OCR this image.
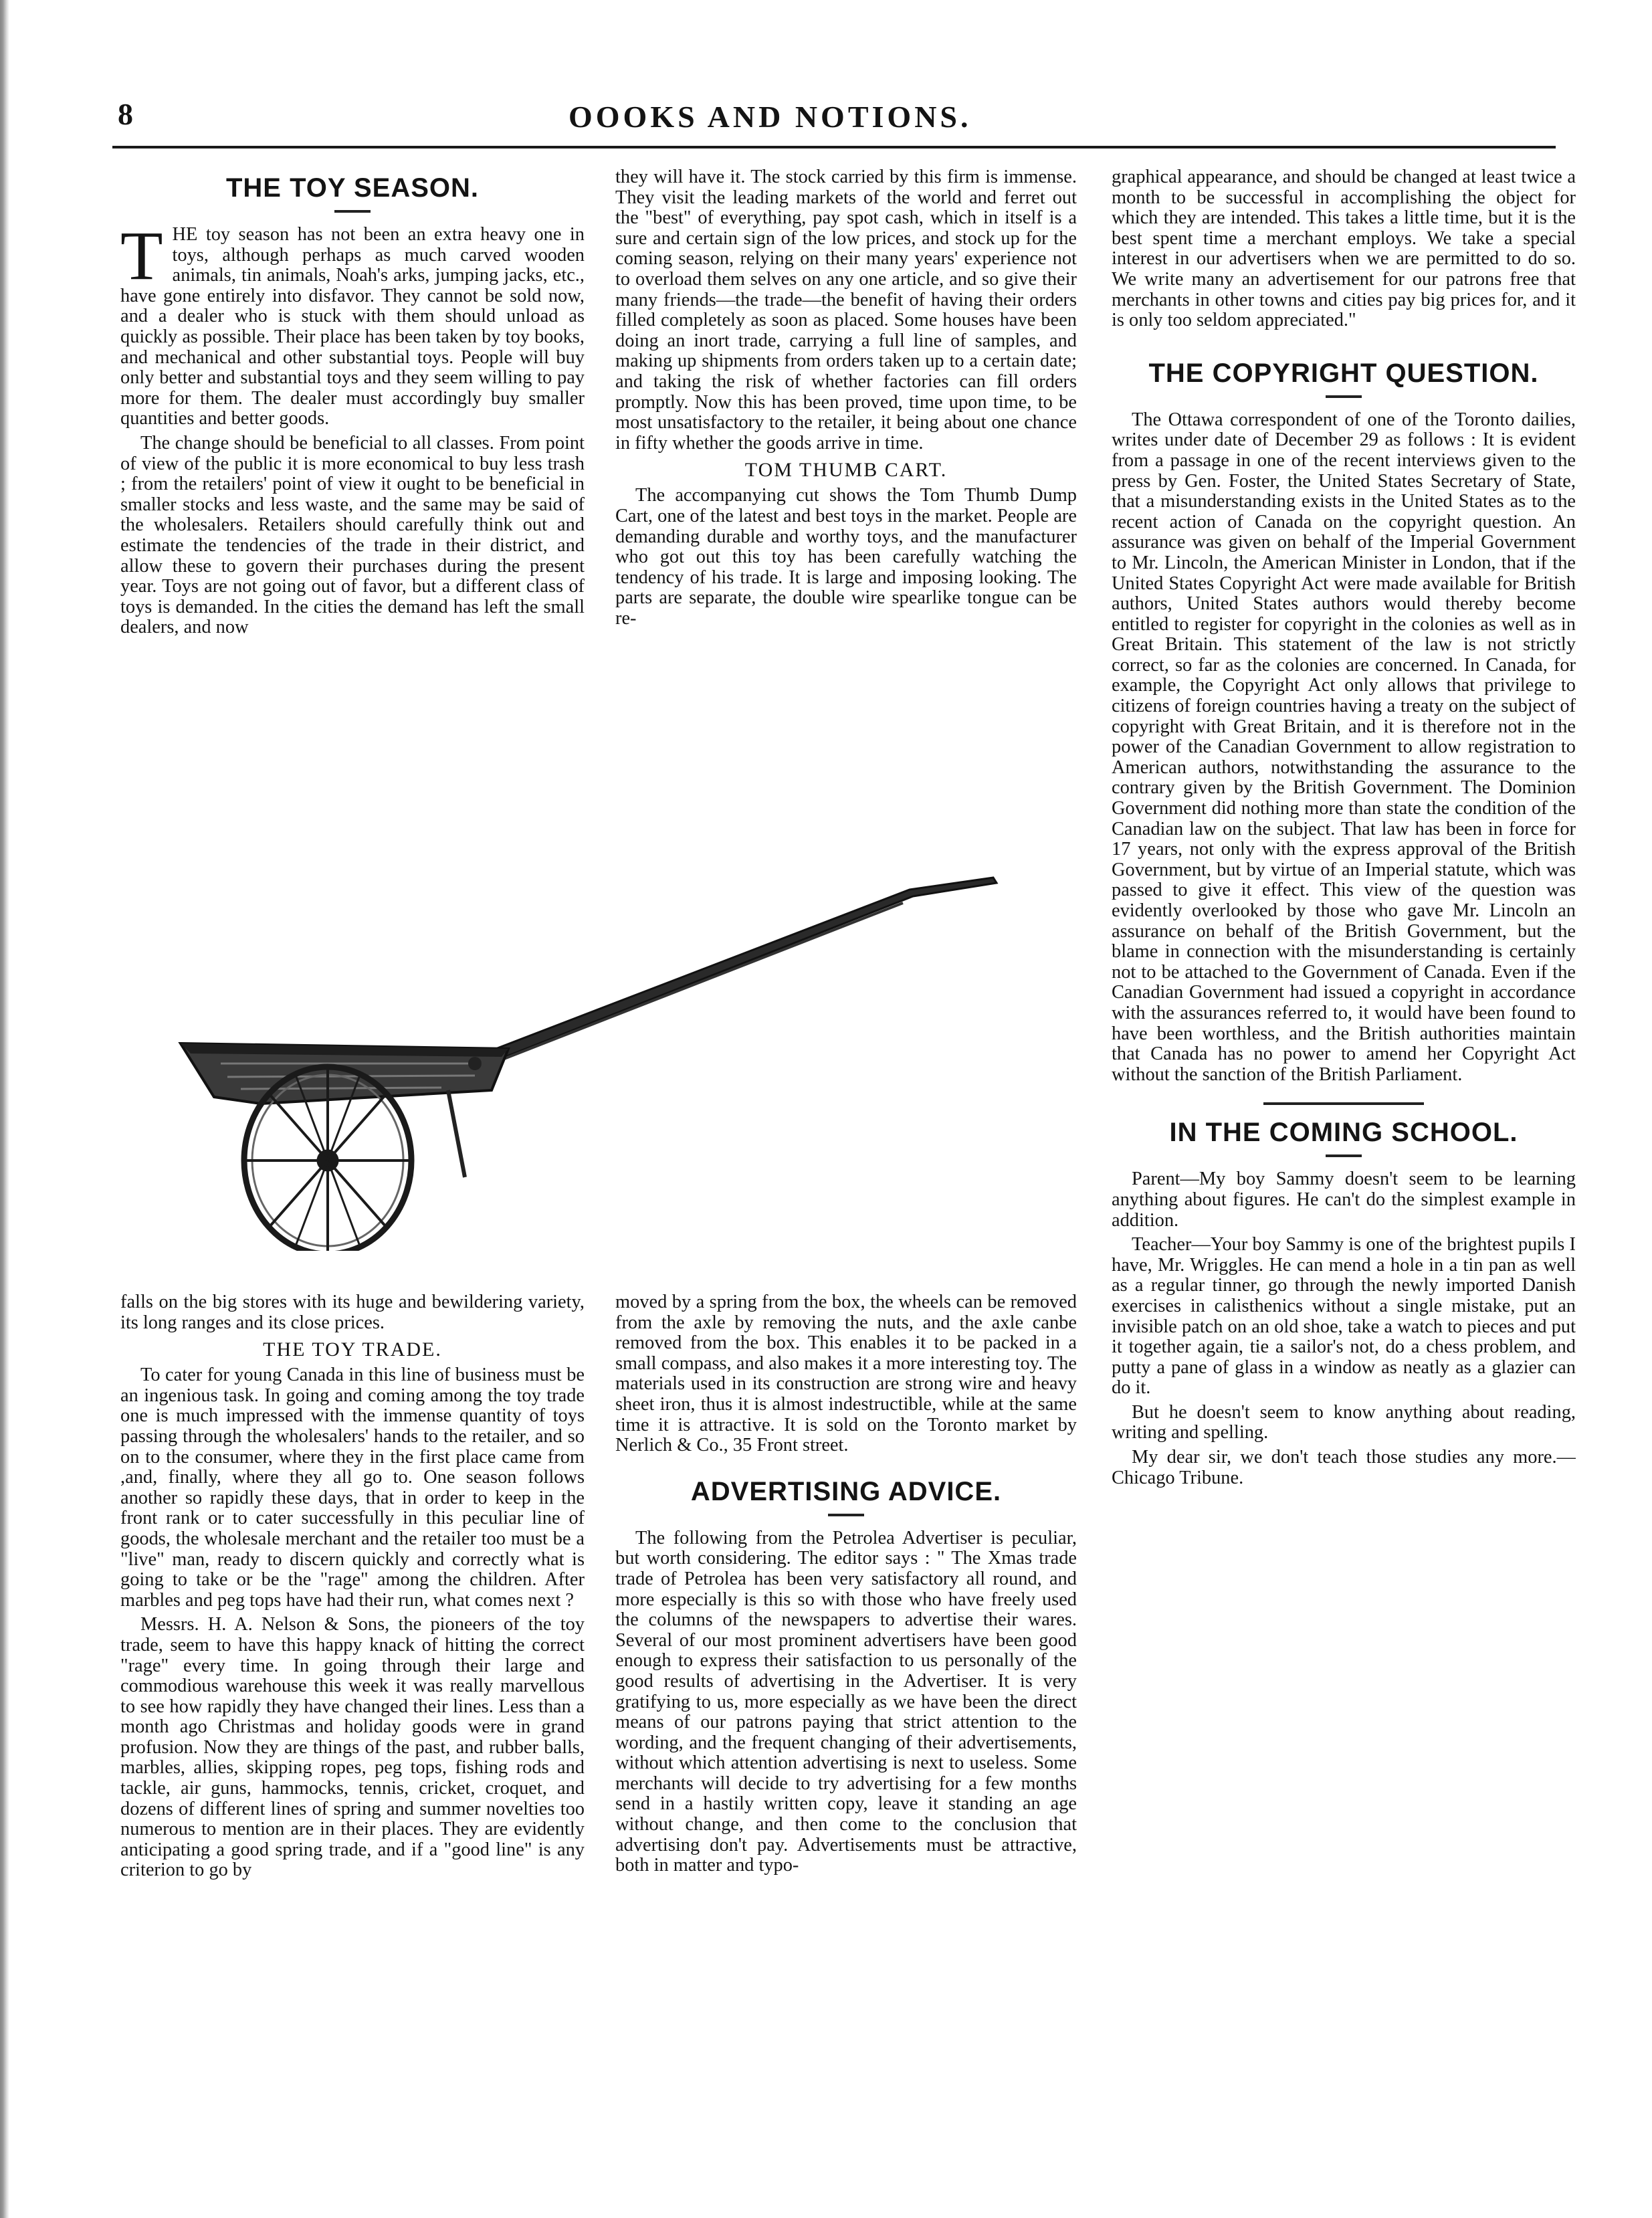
8	OOOKS AND NOTIONS.
THE TOY SEASON.

THE toy season has not been an extra heavy one in toys, although perhaps as much carved wooden animals, tin animals, Noah's arks, jumping jacks, etc., have gone entirely into disfavor. They cannot be sold now, and a dealer who is stuck with them should unload as quickly as possible. Their place has been taken by toy books, and mechanical and other substantial toys. People will buy only better and substantial toys and they seem willing to pay more for them. The dealer must accordingly buy smaller quantities and better goods.

The change should be beneficial to all classes. From point of view of the public it is more economical to buy less trash ; from the retailers' point of view it ought to be beneficial in smaller stocks and less waste, and the same may be said of the wholesalers. Retailers should carefully think out and estimate the tendencies of the trade in their district, and allow these to govern their purchases during the present year. Toys are not going out of favor, but a different class of toys is demanded. In the cities the demand has left the small dealers, and now

they will have it. The stock carried by this firm is immense. They visit the leading markets of the world and ferret out the "best" of everything, pay spot cash, which in itself is a sure and certain sign of the low prices, and stock up for the coming season, relying on their many years' experience not to overload them selves on any one article, and so give their many friends—the trade—the benefit of having their orders filled completely as soon as placed. Some houses have been doing an inort trade, carrying a full line of samples, and making up shipments from orders taken up to a certain date; and taking the risk of whether factories can fill orders promptly. Now this has been proved, time upon time, to be most unsatisfactory to the retailer, it being about one chance in fifty whether the goods arrive in time.

TOM THUMB CART.

The accompanying cut shows the Tom Thumb Dump Cart, one of the latest and best toys in the market. People are demanding durable and worthy toys, and the manufacturer who got out this toy has been carefully watching the tendency of his trade. It is large and imposing looking. The parts are separate, the double wire spearlike tongue can be re-

falls on the big stores with its huge and bewildering variety, its long ranges and its close prices.

THE TOY TRADE.

To cater for young Canada in this line of business must be an ingenious task. In going and coming among the toy trade one is much impressed with the immense quantity of toys passing through the wholesalers' hands to the retailer, and so on to the consumer, where they in the first place came from ,and, finally, where they all go to. One season follows another so rapidly these days, that in order to keep in the front rank or to cater successfully in this peculiar line of goods, the wholesale merchant and the retailer too must be a "live" man, ready to discern quickly and correctly what is going to take or be the "rage" among the children. After marbles and peg tops have had their run, what comes next ?

Messrs. H. A. Nelson & Sons, the pioneers of the toy trade, seem to have this happy knack of hitting the correct "rage" every time. In going through their large and commodious warehouse this week it was really marvellous to see how rapidly they have changed their lines. Less than a month ago Christmas and holiday goods were in grand profusion. Now they are things of the past, and rubber balls, marbles, allies, skipping ropes, peg tops, fishing rods and tackle, air guns, hammocks, tennis, cricket, croquet, and dozens of different lines of spring and summer novelties too numerous to mention are in their places. They are evidently anticipating a good spring trade, and if a "good line" is any criterion to go by

moved by a spring from the box, the wheels can be removed from the axle by removing the nuts, and the axle canbe removed from the box. This enables it to be packed in a small compass, and also makes it a more interesting toy. The materials used in its construction are strong wire and heavy sheet iron, thus it is almost indestructible, while at the same time it is attractive. It is sold on the Toronto market by Nerlich & Co., 35 Front street.

ADVERTISING ADVICE.

The following from the Petrolea Advertiser is peculiar, but worth considering. The editor says : " The Xmas trade trade of Petrolea has been very satisfactory all round, and more especially is this so with those who have freely used the columns of the newspapers to advertise their wares. Several of our most prominent advertisers have been good enough to express their satisfaction to us personally of the good results of advertising in the Advertiser. It is very gratifying to us, more especially as we have been the direct means of our patrons paying that strict attention to the wording, and the frequent changing of their advertisements, without which attention advertising is next to useless. Some merchants will decide to try advertising for a few months send in a hastily written copy, leave it standing an age without change, and then come to the conclusion that advertising don't pay. Advertisements must be attractive, both in matter and typo-

graphical appearance, and should be changed at least twice a month to be successful in accomplishing the object for which they are intended. This takes a little time, but it is the best spent time a merchant employs. We take a special interest in our advertisers when we are permitted to do so. We write many an advertisement for our patrons free that merchants in other towns and cities pay big prices for, and it is only too seldom appreciated."

THE COPYRIGHT QUESTION.

The Ottawa correspondent of one of the Toronto dailies, writes under date of December 29 as follows : It is evident from a passage in one of the recent interviews given to the press by Gen. Foster, the United States Secretary of State, that a misunderstanding exists in the United States as to the recent action of Canada on the copyright question. An assurance was given on behalf of the Imperial Government to Mr. Lincoln, the American Minister in London, that if the United States Copyright Act were made available for British authors, United States authors would thereby become entitled to register for copyright in the colonies as well as in Great Britain. This statement of the law is not strictly correct, so far as the colonies are concerned. In Canada, for example, the Copyright Act only allows that privilege to citizens of foreign countries having a treaty on the subject of copyright with Great Britain, and it is therefore not in the power of the Canadian Government to allow registration to American authors, notwithstanding the assurance to the contrary given by the British Government. The Dominion Government did nothing more than state the condition of the Canadian law on the subject. That law has been in force for 17 years, not only with the express approval of the British Government, but by virtue of an Imperial statute, which was passed to give it effect. This view of the question was evidently overlooked by those who gave Mr. Lincoln an assurance on behalf of the British Government, but the blame in connection with the misunderstanding is certainly not to be attached to the Government of Canada. Even if the Canadian Government had issued a copyright in accordance with the assurances referred to, it would have been found to have been worthless, and the British authorities maintain that Canada has no power to amend her Copyright Act without the sanction of the British Parliament.

IN THE COMING SCHOOL.

Parent—My boy Sammy doesn't seem to be learning anything about figures. He can't do the simplest example in addition.

Teacher—Your boy Sammy is one of the brightest pupils I have, Mr. Wriggles. He can mend a hole in a tin pan as well as a regular tinner, go through the newly imported Danish exercises in calisthenics without a single mistake, put an invisible patch on an old shoe, take a watch to pieces and put it together again, tie a sailor's not, do a chess problem, and putty a pane of glass in a window as neatly as a glazier can do it.

But he doesn't seem to know anything about reading, writing and spelling.

My dear sir, we don't teach those studies any more.—Chicago Tribune.
